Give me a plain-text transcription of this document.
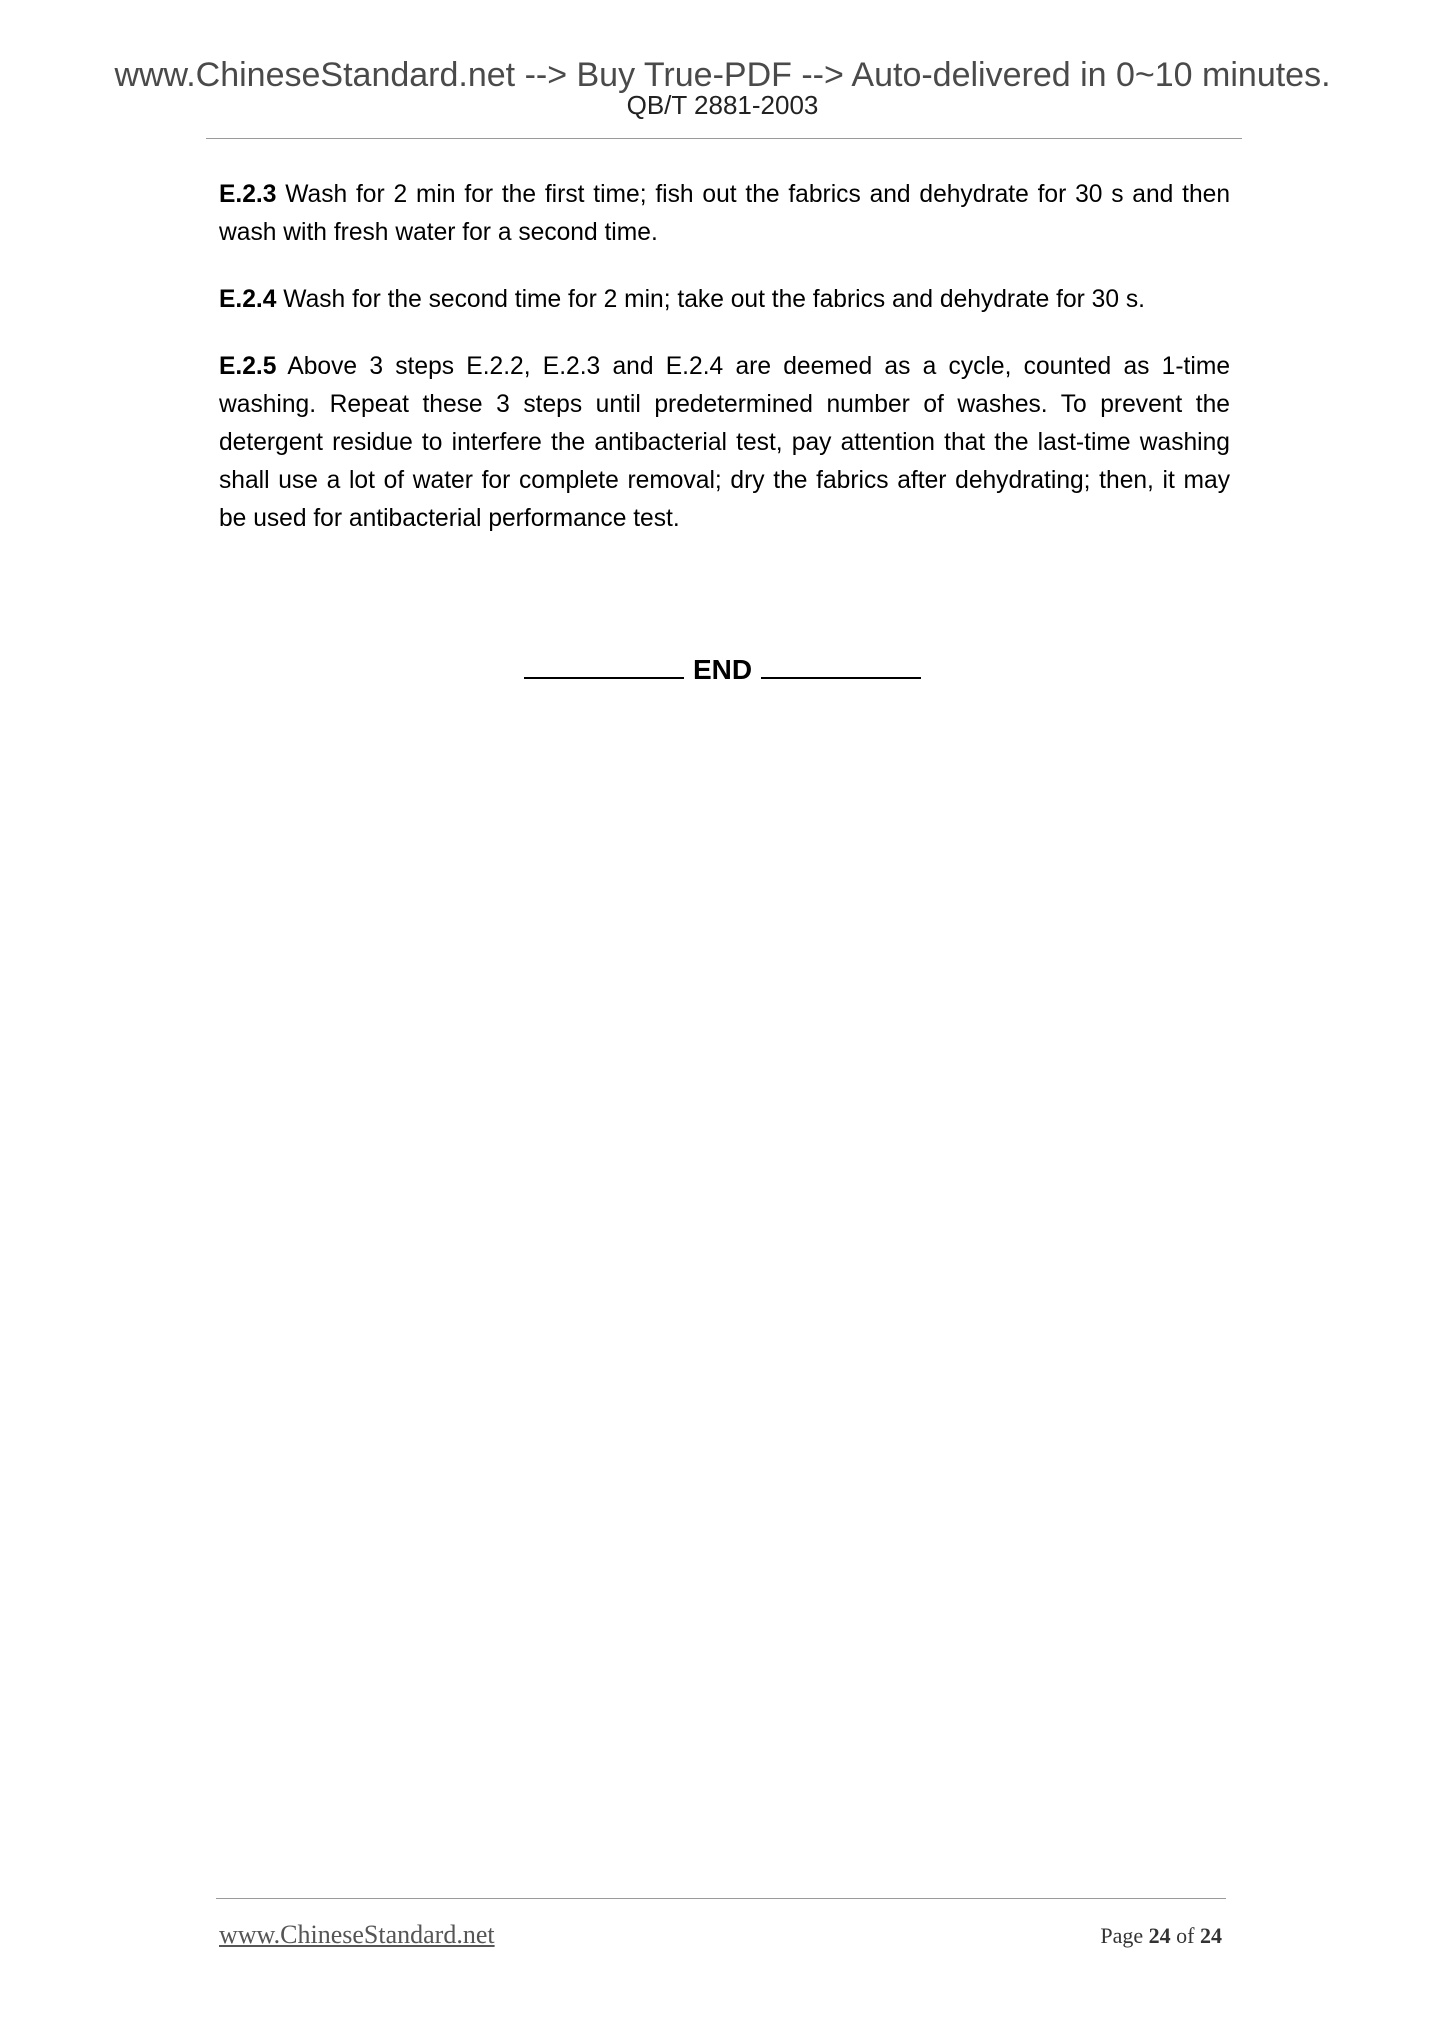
www.ChineseStandard.net --> Buy True-PDF --> Auto-delivered in 0~10 minutes.
QB/T 2881-2003

E.2.3 Wash for 2 min for the first time; fish out the fabrics and dehydrate for 30 s and then wash with fresh water for a second time.

E.2.4 Wash for the second time for 2 min; take out the fabrics and dehydrate for 30 s.

E.2.5 Above 3 steps E.2.2, E.2.3 and E.2.4 are deemed as a cycle, counted as 1-time washing. Repeat these 3 steps until predetermined number of washes. To prevent the detergent residue to interfere the antibacterial test, pay attention that the last-time washing shall use a lot of water for complete removal; dry the fabrics after dehydrating; then, it may be used for antibacterial performance test.

END
www.ChineseStandard.net	Page 24 of 24
